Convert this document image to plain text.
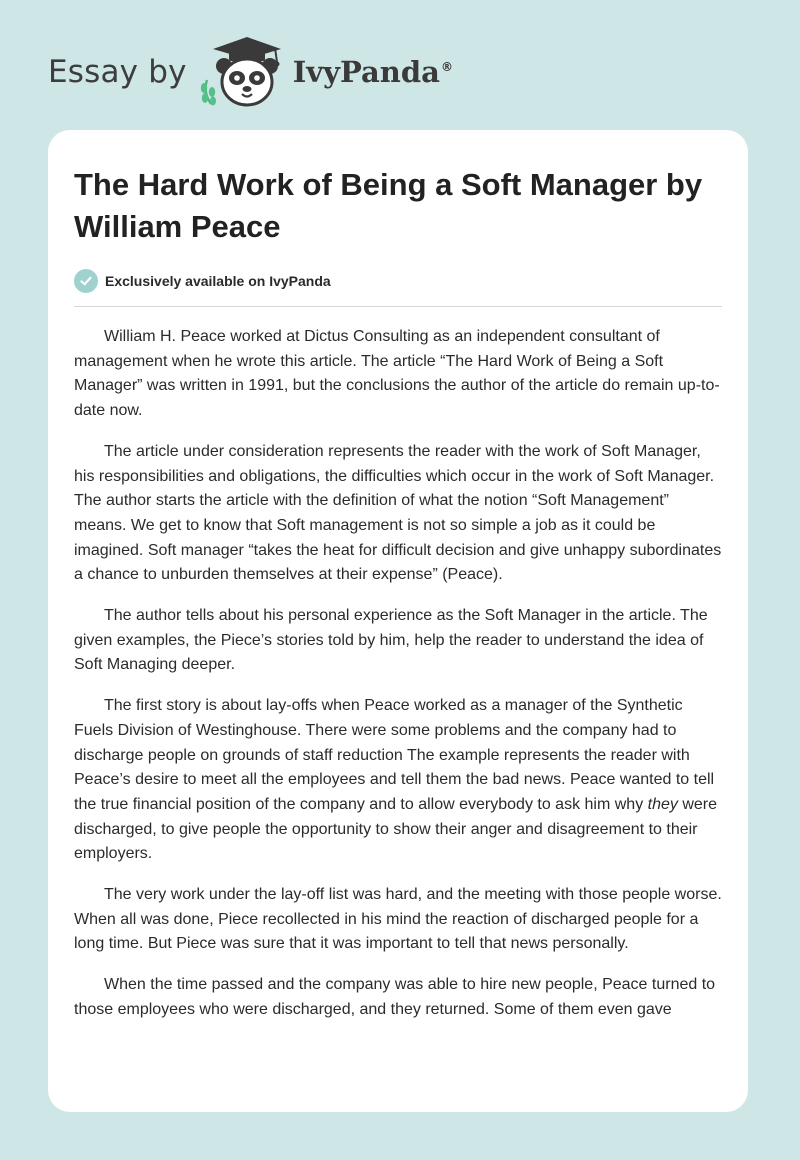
Essay by	IvyPanda®
The Hard Work of Being a Soft Manager by William Peace
Exclusively available on IvyPanda

William H. Peace worked at Dictus Consulting as an independent consultant of management when he wrote this article. The article “The Hard Work of Being a Soft Manager” was written in 1991, but the conclusions the author of the article do remain up-to-date now.

The article under consideration represents the reader with the work of Soft Manager, his responsibilities and obligations, the difficulties which occur in the work of Soft Manager. The author starts the article with the definition of what the notion “Soft Management” means. We get to know that Soft management is not so simple a job as it could be imagined. Soft manager “takes the heat for difficult decision and give unhappy subordinates a chance to unburden themselves at their expense” (Peace).

The author tells about his personal experience as the Soft Manager in the article. The given examples, the Piece’s stories told by him, help the reader to understand the idea of Soft Managing deeper.

The first story is about lay-offs when Peace worked as a manager of the Synthetic Fuels Division of Westinghouse. There were some problems and the company had to discharge people on grounds of staff reduction The example represents the reader with Peace’s desire to meet all the employees and tell them the bad news. Peace wanted to tell the true financial position of the company and to allow everybody to ask him why they were discharged, to give people the opportunity to show their anger and disagreement to their employers.

The very work under the lay-off list was hard, and the meeting with those people worse. When all was done, Piece recollected in his mind the reaction of discharged people for a long time. But Piece was sure that it was important to tell that news personally.

When the time passed and the company was able to hire new people, Peace turned to those employees who were discharged, and they returned. Some of them even gave
